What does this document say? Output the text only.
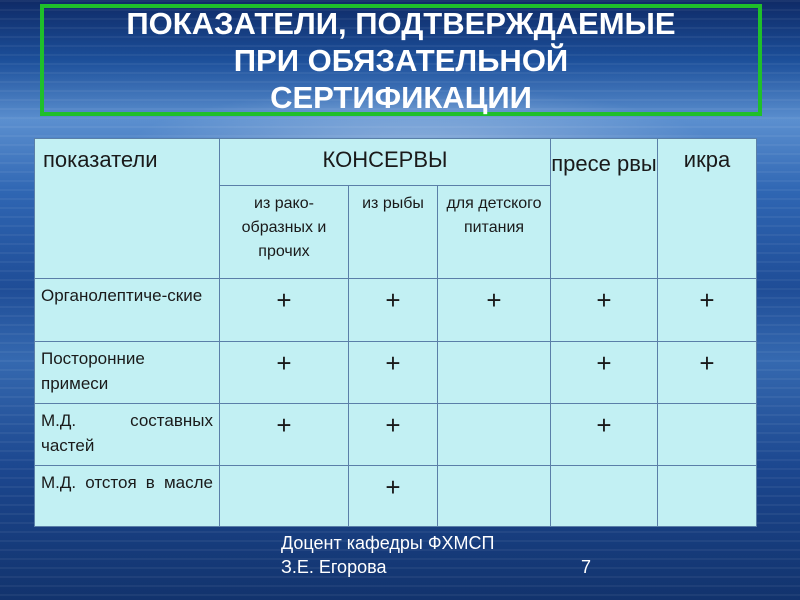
ПОКАЗАТЕЛИ, ПОДТВЕРЖДАЕМЫЕ
ПРИ ОБЯЗАТЕЛЬНОЙ
СЕРТИФИКАЦИИ
показатели	КОНСЕРВЫ			пресе рвы	икра
	из рако-образных и прочих	из рыбы	для детского питания		
Органолептиче-ские	+	+	+	+	+
Посторонние примеси	+	+		+	+
М.Д. составных частей	+	+		+	
М.Д. отстоя в масле		+			
Доцент кафедры ФХМСП
З.Е. Егорова	7
